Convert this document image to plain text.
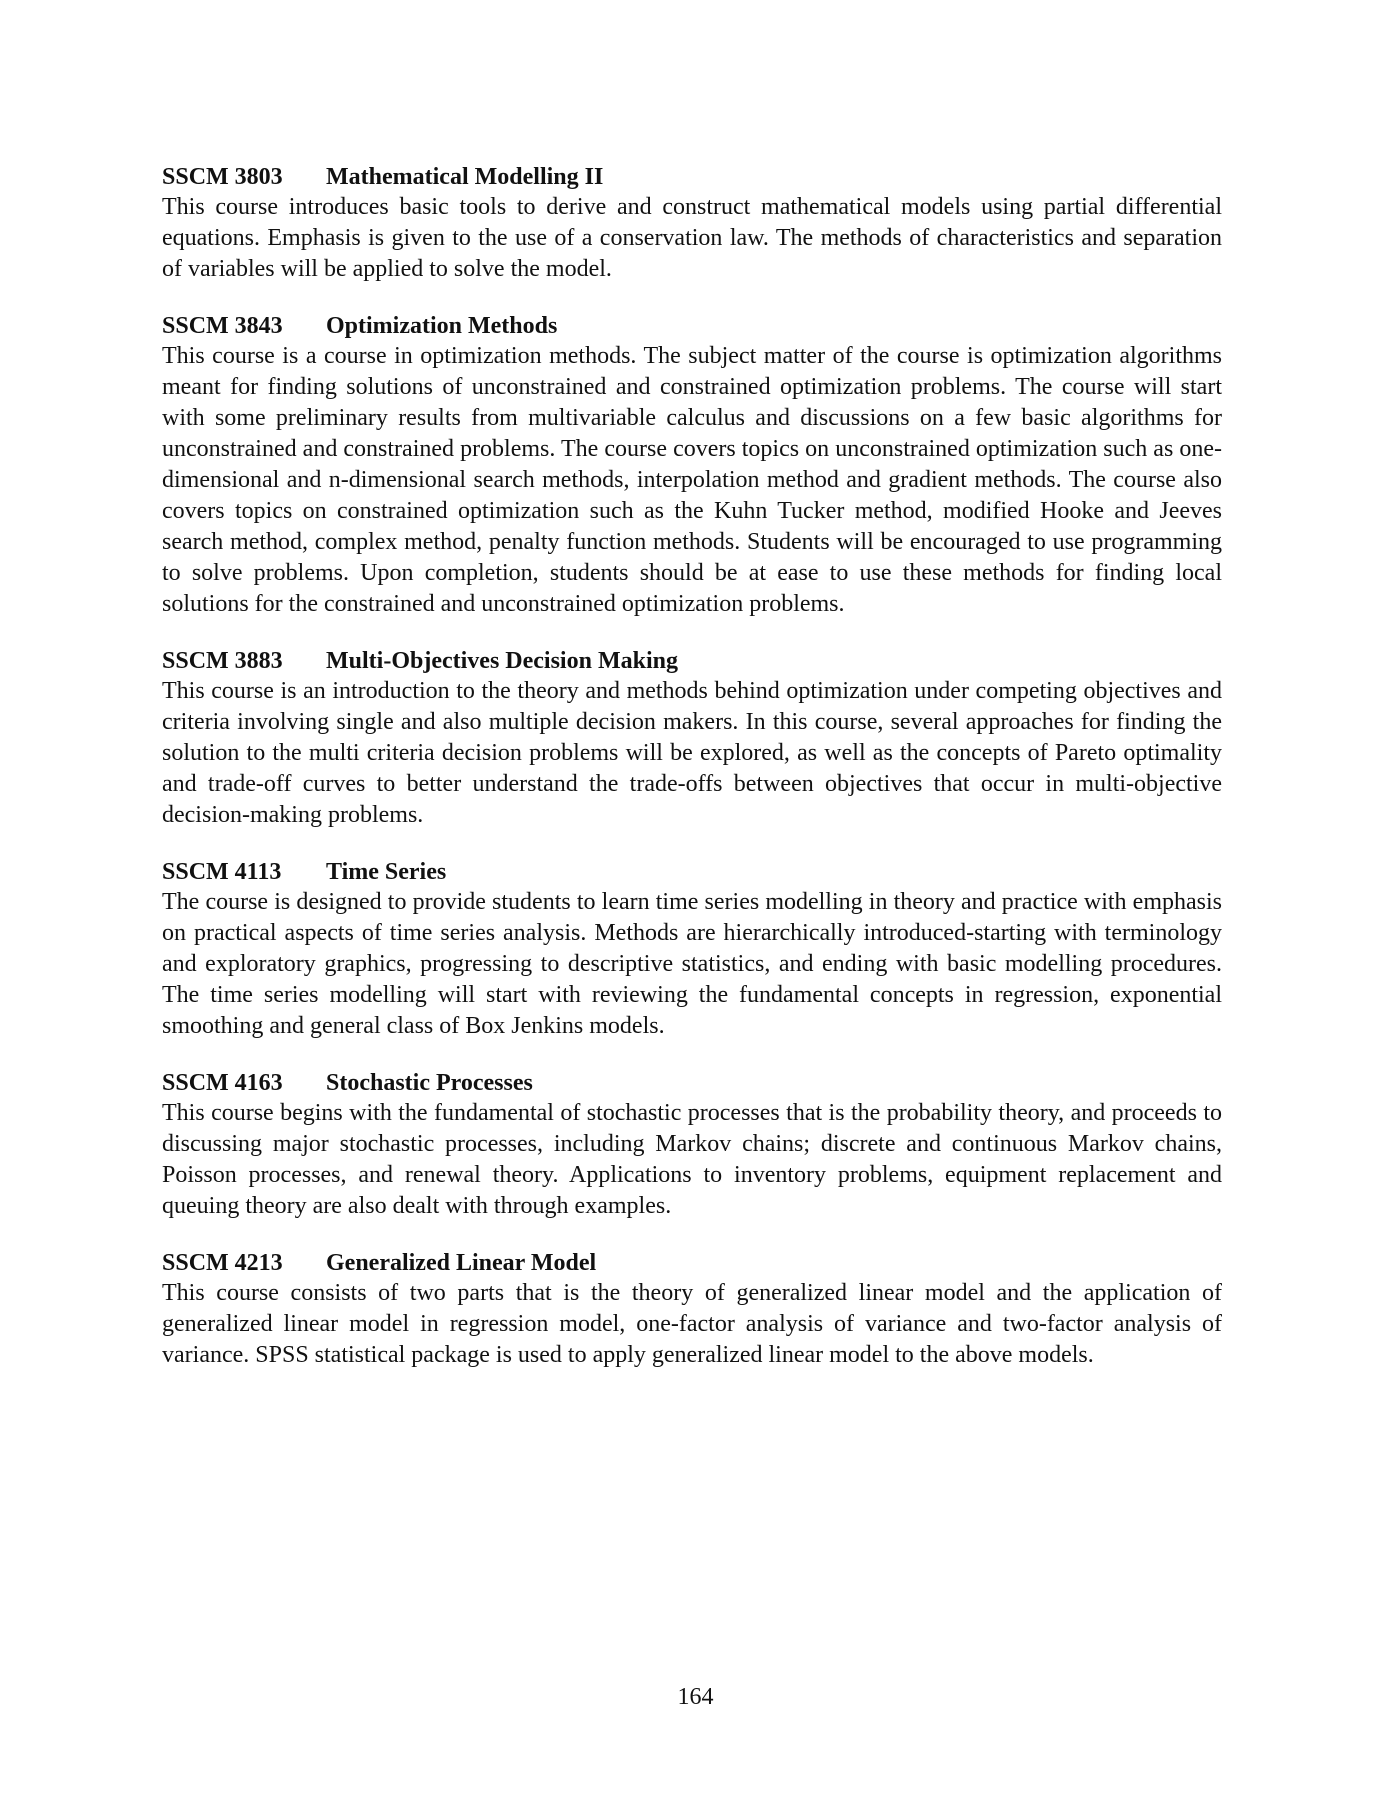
SSCM 3803 Mathematical Modelling II

This course introduces basic tools to derive and construct mathematical models using partial differential equations. Emphasis is given to the use of a conservation law. The methods of characteristics and separation of variables will be applied to solve the model.

SSCM 3843 Optimization Methods

This course is a course in optimization methods. The subject matter of the course is optimization algorithms meant for finding solutions of unconstrained and constrained optimization problems. The course will start with some preliminary results from multivariable calculus and discussions on a few basic algorithms for unconstrained and constrained problems. The course covers topics on unconstrained optimization such as one-dimensional and n-dimensional search methods, interpolation method and gradient methods. The course also covers topics on constrained optimization such as the Kuhn Tucker method, modified Hooke and Jeeves search method, complex method, penalty function methods. Students will be encouraged to use programming to solve problems. Upon completion, students should be at ease to use these methods for finding local solutions for the constrained and unconstrained optimization problems.

SSCM 3883 Multi-Objectives Decision Making

This course is an introduction to the theory and methods behind optimization under competing objectives and criteria involving single and also multiple decision makers. In this course, several approaches for finding the solution to the multi criteria decision problems will be explored, as well as the concepts of Pareto optimality and trade-off curves to better understand the trade-offs between objectives that occur in multi-objective decision-making problems.

SSCM 4113 Time Series

The course is designed to provide students to learn time series modelling in theory and practice with emphasis on practical aspects of time series analysis. Methods are hierarchically introduced-starting with terminology and exploratory graphics, progressing to descriptive statistics, and ending with basic modelling procedures. The time series modelling will start with reviewing the fundamental concepts in regression, exponential smoothing and general class of Box Jenkins models.

SSCM 4163 Stochastic Processes

This course begins with the fundamental of stochastic processes that is the probability theory, and proceeds to discussing major stochastic processes, including Markov chains; discrete and continuous Markov chains, Poisson processes, and renewal theory. Applications to inventory problems, equipment replacement and queuing theory are also dealt with through examples.

SSCM 4213 Generalized Linear Model

This course consists of two parts that is the theory of generalized linear model and the application of generalized linear model in regression model, one-factor analysis of variance and two-factor analysis of variance. SPSS statistical package is used to apply generalized linear model to the above models.

164
